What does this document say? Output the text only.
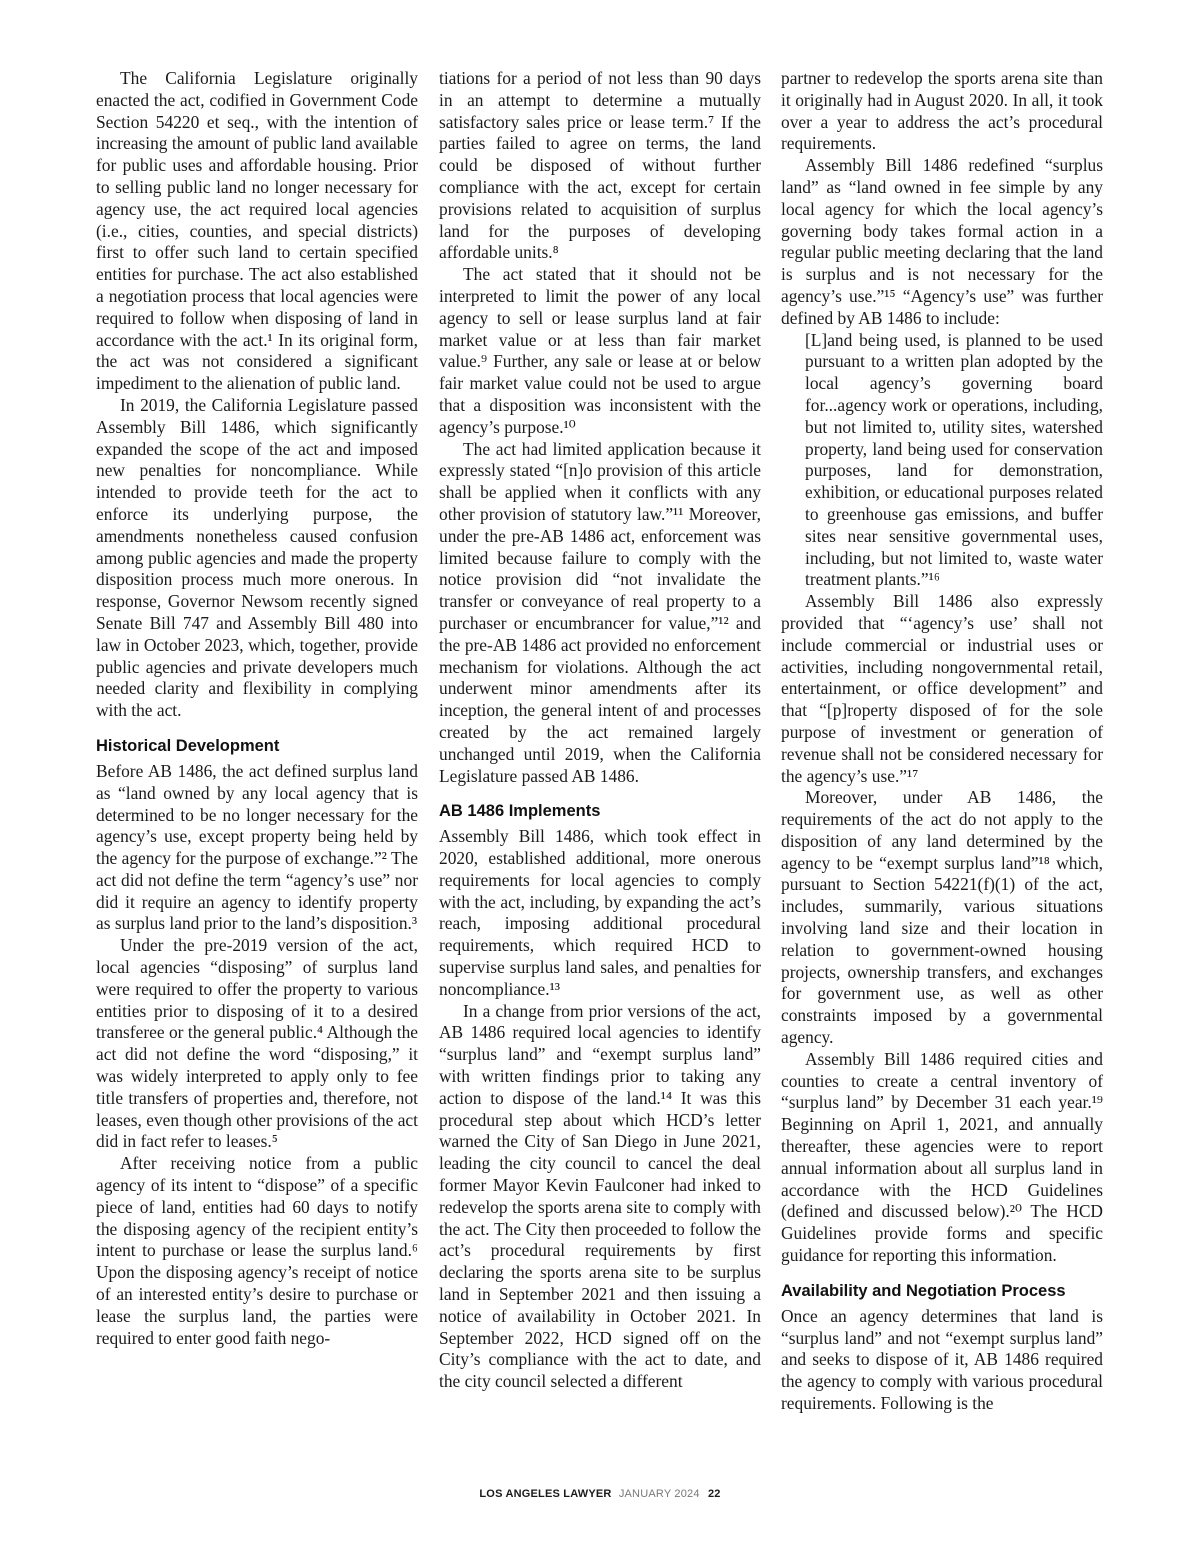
The California Legislature originally enacted the act, codified in Government Code Section 54220 et seq., with the intention of increasing the amount of public land available for public uses and affordable housing. Prior to selling public land no longer necessary for agency use, the act required local agencies (i.e., cities, counties, and special districts) first to offer such land to certain specified entities for purchase. The act also established a negotiation process that local agencies were required to follow when disposing of land in accordance with the act.¹ In its original form, the act was not considered a significant impediment to the alienation of public land.

In 2019, the California Legislature passed Assembly Bill 1486, which significantly expanded the scope of the act and imposed new penalties for noncompliance. While intended to provide teeth for the act to enforce its underlying purpose, the amendments nonetheless caused confusion among public agencies and made the property disposition process much more onerous. In response, Governor Newsom recently signed Senate Bill 747 and Assembly Bill 480 into law in October 2023, which, together, provide public agencies and private developers much needed clarity and flexibility in complying with the act.

Historical Development

Before AB 1486, the act defined surplus land as “land owned by any local agency that is determined to be no longer necessary for the agency’s use, except property being held by the agency for the purpose of exchange.”² The act did not define the term “agency’s use” nor did it require an agency to identify property as surplus land prior to the land’s disposition.³

Under the pre-2019 version of the act, local agencies “disposing” of surplus land were required to offer the property to various entities prior to disposing of it to a desired transferee or the general public.⁴ Although the act did not define the word “disposing,” it was widely interpreted to apply only to fee title transfers of properties and, therefore, not leases, even though other provisions of the act did in fact refer to leases.⁵

After receiving notice from a public agency of its intent to “dispose” of a specific piece of land, entities had 60 days to notify the disposing agency of the recipient entity’s intent to purchase or lease the surplus land.⁶ Upon the disposing agency’s receipt of notice of an interested entity’s desire to purchase or lease the surplus land, the parties were required to enter good faith nego-

tiations for a period of not less than 90 days in an attempt to determine a mutually satisfactory sales price or lease term.⁷ If the parties failed to agree on terms, the land could be disposed of without further compliance with the act, except for certain provisions related to acquisition of surplus land for the purposes of developing affordable units.⁸

The act stated that it should not be interpreted to limit the power of any local agency to sell or lease surplus land at fair market value or at less than fair market value.⁹ Further, any sale or lease at or below fair market value could not be used to argue that a disposition was inconsistent with the agency’s purpose.¹⁰

The act had limited application because it expressly stated “[n]o provision of this article shall be applied when it conflicts with any other provision of statutory law.”¹¹ Moreover, under the pre-AB 1486 act, enforcement was limited because failure to comply with the notice provision did “not invalidate the transfer or conveyance of real property to a purchaser or encumbrancer for value,”¹² and the pre-AB 1486 act provided no enforcement mechanism for violations. Although the act underwent minor amendments after its inception, the general intent of and processes created by the act remained largely unchanged until 2019, when the California Legislature passed AB 1486.

AB 1486 Implements

Assembly Bill 1486, which took effect in 2020, established additional, more onerous requirements for local agencies to comply with the act, including, by expanding the act’s reach, imposing additional procedural requirements, which required HCD to supervise surplus land sales, and penalties for noncompliance.¹³

In a change from prior versions of the act, AB 1486 required local agencies to identify “surplus land” and “exempt surplus land” with written findings prior to taking any action to dispose of the land.¹⁴ It was this procedural step about which HCD’s letter warned the City of San Diego in June 2021, leading the city council to cancel the deal former Mayor Kevin Faulconer had inked to redevelop the sports arena site to comply with the act. The City then proceeded to follow the act’s procedural requirements by first declaring the sports arena site to be surplus land in September 2021 and then issuing a notice of availability in October 2021. In September 2022, HCD signed off on the City’s compliance with the act to date, and the city council selected a different

partner to redevelop the sports arena site than it originally had in August 2020. In all, it took over a year to address the act’s procedural requirements.

Assembly Bill 1486 redefined “surplus land” as “land owned in fee simple by any local agency for which the local agency’s governing body takes formal action in a regular public meeting declaring that the land is surplus and is not necessary for the agency’s use.”¹⁵ “Agency’s use” was further defined by AB 1486 to include:

[L]and being used, is planned to be used pursuant to a written plan adopted by the local agency’s governing board for...agency work or operations, including, but not limited to, utility sites, watershed property, land being used for conservation purposes, land for demonstration, exhibition, or educational purposes related to greenhouse gas emissions, and buffer sites near sensitive governmental uses, including, but not limited to, waste water treatment plants.”¹⁶

Assembly Bill 1486 also expressly provided that “‘agency’s use’ shall not include commercial or industrial uses or activities, including nongovernmental retail, entertainment, or office development” and that “[p]roperty disposed of for the sole purpose of investment or generation of revenue shall not be considered necessary for the agency’s use.”¹⁷

Moreover, under AB 1486, the requirements of the act do not apply to the disposition of any land determined by the agency to be “exempt surplus land”¹⁸ which, pursuant to Section 54221(f)(1) of the act, includes, summarily, various situations involving land size and their location in relation to government-owned housing projects, ownership transfers, and exchanges for government use, as well as other constraints imposed by a governmental agency.

Assembly Bill 1486 required cities and counties to create a central inventory of “surplus land” by December 31 each year.¹⁹ Beginning on April 1, 2021, and annually thereafter, these agencies were to report annual information about all surplus land in accordance with the HCD Guidelines (defined and discussed below).²⁰ The HCD Guidelines provide forms and specific guidance for reporting this information.

Availability and Negotiation Process

Once an agency determines that land is “surplus land” and not “exempt surplus land” and seeks to dispose of it, AB 1486 required the agency to comply with various procedural requirements. Following is the

LOS ANGELES LAWYER JANUARY 2024 22
